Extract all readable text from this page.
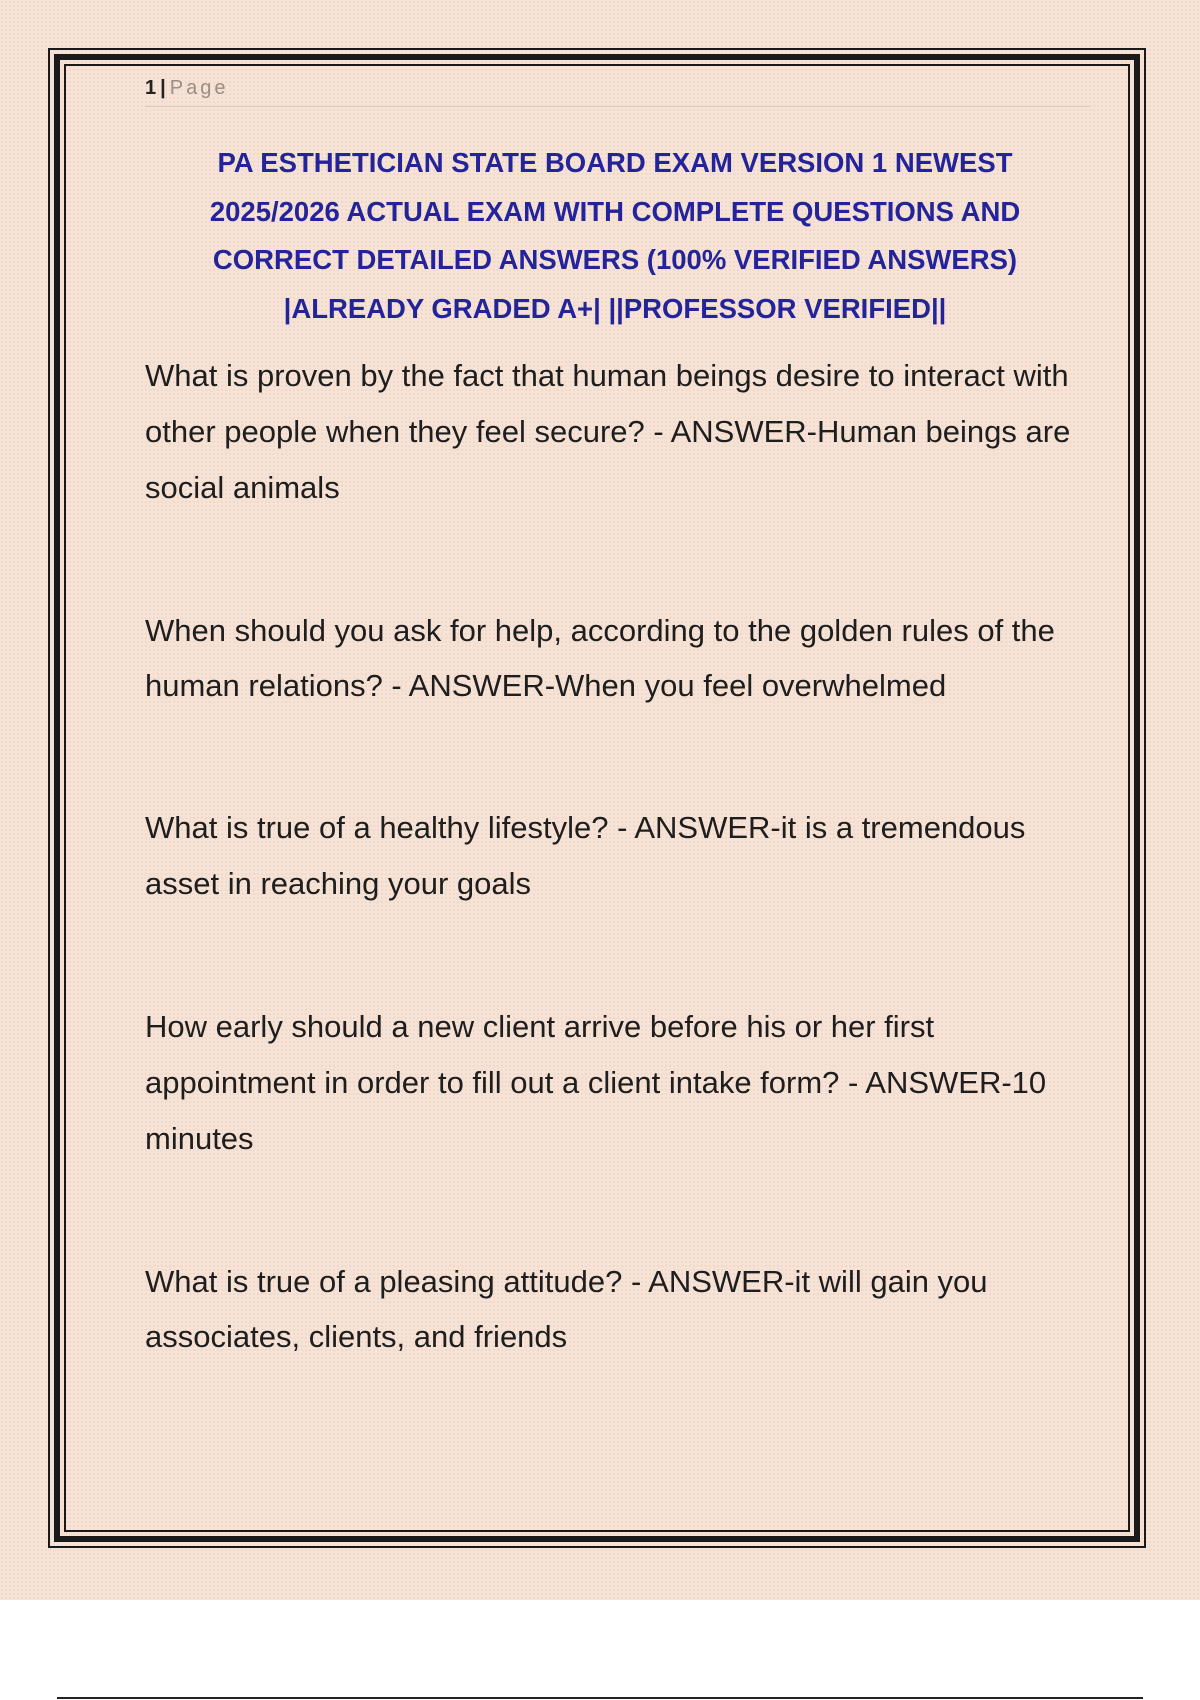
1 | Page
PA ESTHETICIAN STATE BOARD EXAM VERSION 1 NEWEST 2025/2026 ACTUAL EXAM WITH COMPLETE QUESTIONS AND CORRECT DETAILED ANSWERS (100% VERIFIED ANSWERS) |ALREADY GRADED A+| ||PROFESSOR VERIFIED||

What is proven by the fact that human beings desire to interact with other people when they feel secure? - ANSWER-Human beings are social animals

When should you ask for help, according to the golden rules of the human relations? - ANSWER-When you feel overwhelmed

What is true of a healthy lifestyle? - ANSWER-it is a tremendous asset in reaching your goals

How early should a new client arrive before his or her first appointment in order to fill out a client intake form? - ANSWER-10 minutes

What is true of a pleasing attitude? - ANSWER-it will gain you associates, clients, and friends
